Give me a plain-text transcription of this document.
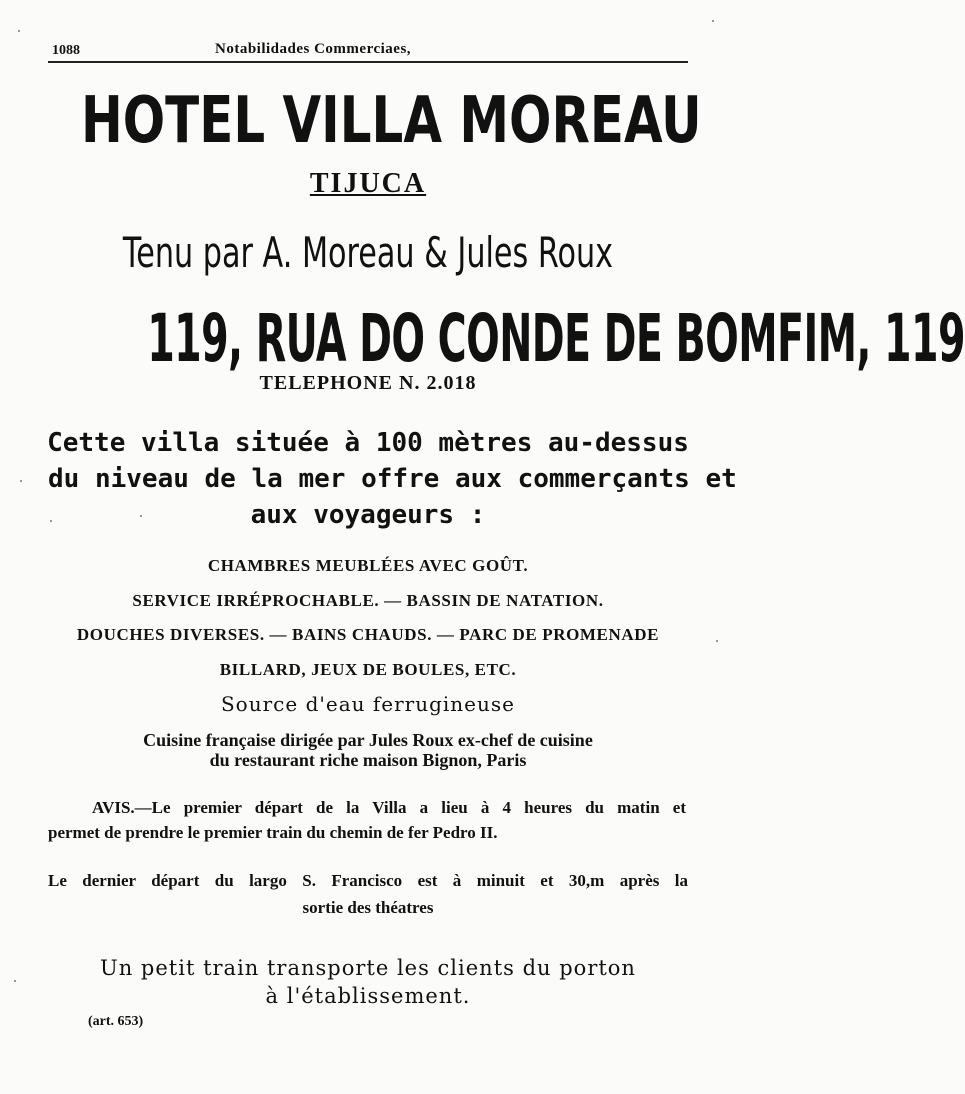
1088	Notabilidades Commerciaes,
HOTEL VILLA MOREAU
TIJUCA
Tenu par A. Moreau & Jules Roux
119, RUA DO CONDE DE BOMFIM, 119
TELEPHONE N. 2.018
Cette villa située à 100 mètres au-dessus
du niveau de la mer offre aux commerçants et
aux voyageurs :
CHAMBRES MEUBLÉES AVEC GOÛT.
SERVICE IRRÉPROCHABLE. — BASSIN DE NATATION.
DOUCHES DIVERSES. — BAINS CHAUDS. — PARC DE PROMENADE
BILLARD, JEUX DE BOULES, ETC.
Source d'eau ferrugineuse
Cuisine française dirigée par Jules Roux ex-chef de cuisine
du restaurant riche maison Bignon, Paris
AVIS.—Le premier départ de la Villa a lieu à 4 heures du matin et
permet de prendre le premier train du chemin de fer Pedro II.
Le dernier départ du largo S. Francisco est à minuit et 30,m après la
sortie des théatres
Un petit train transporte les clients du porton
à l'établissement.
(art. 653)
